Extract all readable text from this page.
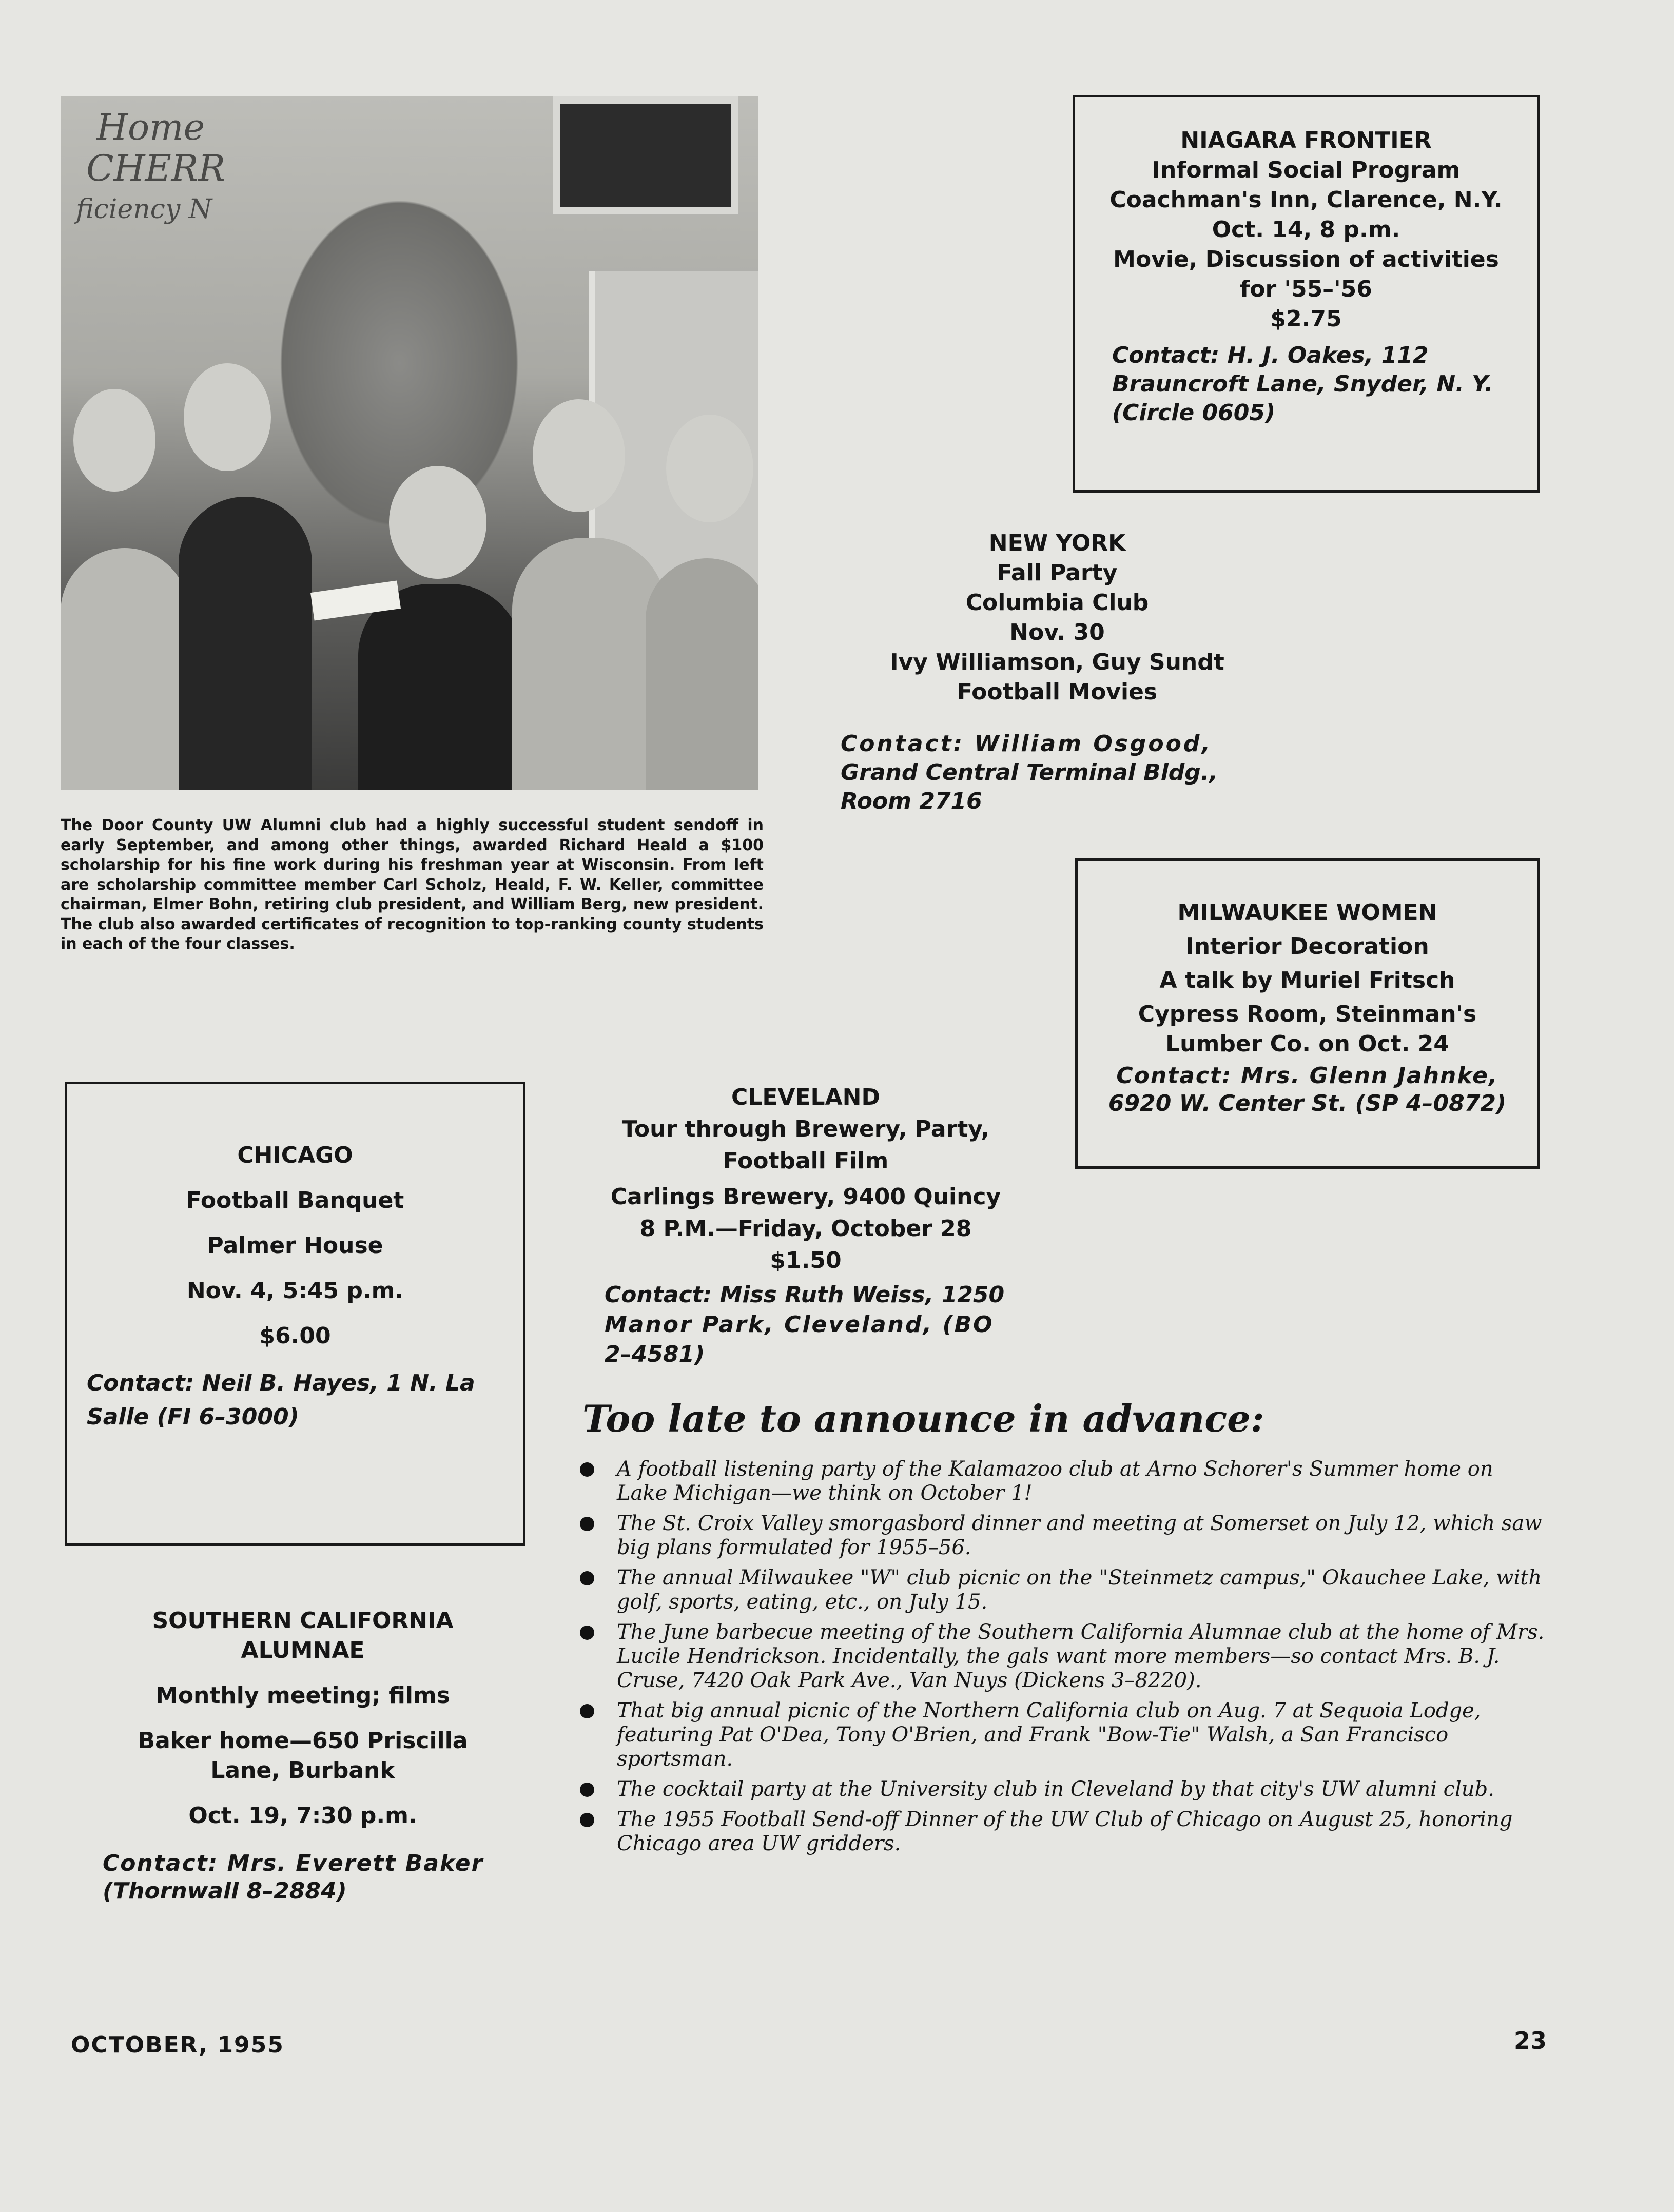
Home
CHERR
ficiency N
The Door County UW Alumni club had a highly successful student sendoff in early September, and among other things, awarded Richard Heald a $100 scholarship for his fine work during his freshman year at Wisconsin. From left are scholarship committee member Carl Scholz, Heald, F. W. Keller, committee chairman, Elmer Bohn, retiring club president, and William Berg, new president. The club also awarded certificates of recognition to top-ranking county students in each of the four classes.
NIAGARA FRONTIER
Informal Social Program
Coachman's Inn, Clarence, N.Y.
Oct. 14, 8 p.m.
Movie, Discussion of activities
for '55–'56
$2.75
Contact: H. J. Oakes, 112
Brauncroft Lane, Snyder, N. Y.
(Circle 0605)
NEW YORK
Fall Party
Columbia Club
Nov. 30
Ivy Williamson, Guy Sundt
Football Movies
Contact: William Osgood,
Grand Central Terminal Bldg.,
Room 2716
MILWAUKEE WOMEN
Interior Decoration
A talk by Muriel Fritsch
Cypress Room, Steinman's
Lumber Co. on Oct. 24
Contact: Mrs. Glenn Jahnke,
6920 W. Center St. (SP 4–0872)
CHICAGO
Football Banquet
Palmer House
Nov. 4, 5:45 p.m.
$6.00
Contact: Neil B. Hayes, 1 N. La
Salle (FI 6–3000)
CLEVELAND
Tour through Brewery, Party,
Football Film
Carlings Brewery, 9400 Quincy
8 P.M.—Friday, October 28
$1.50
Contact: Miss Ruth Weiss, 1250
Manor Park, Cleveland, (BO
2–4581)
SOUTHERN CALIFORNIA
ALUMNAE
Monthly meeting; films
Baker home—650 Priscilla
Lane, Burbank
Oct. 19, 7:30 p.m.
Contact: Mrs. Everett Baker
(Thornwall 8–2884)
Too late to announce in advance:
A football listening party of the Kalamazoo club at Arno Schorer's Summer home on Lake Michigan—we think on October 1!
The St. Croix Valley smorgasbord dinner and meeting at Somerset on July 12, which saw big plans formulated for 1955–56.
The annual Milwaukee "W" club picnic on the "Steinmetz campus," Okauchee Lake, with golf, sports, eating, etc., on July 15.
The June barbecue meeting of the Southern California Alumnae club at the home of Mrs. Lucile Hendrickson. Incidentally, the gals want more members—so contact Mrs. B. J. Cruse, 7420 Oak Park Ave., Van Nuys (Dickens 3–8220).
That big annual picnic of the Northern California club on Aug. 7 at Sequoia Lodge, featuring Pat O'Dea, Tony O'Brien, and Frank "Bow-Tie" Walsh, a San Francisco sportsman.
The cocktail party at the University club in Cleveland by that city's UW alumni club.
The 1955 Football Send-off Dinner of the UW Club of Chicago on August 25, honoring Chicago area UW gridders.
OCTOBER, 1955	23
